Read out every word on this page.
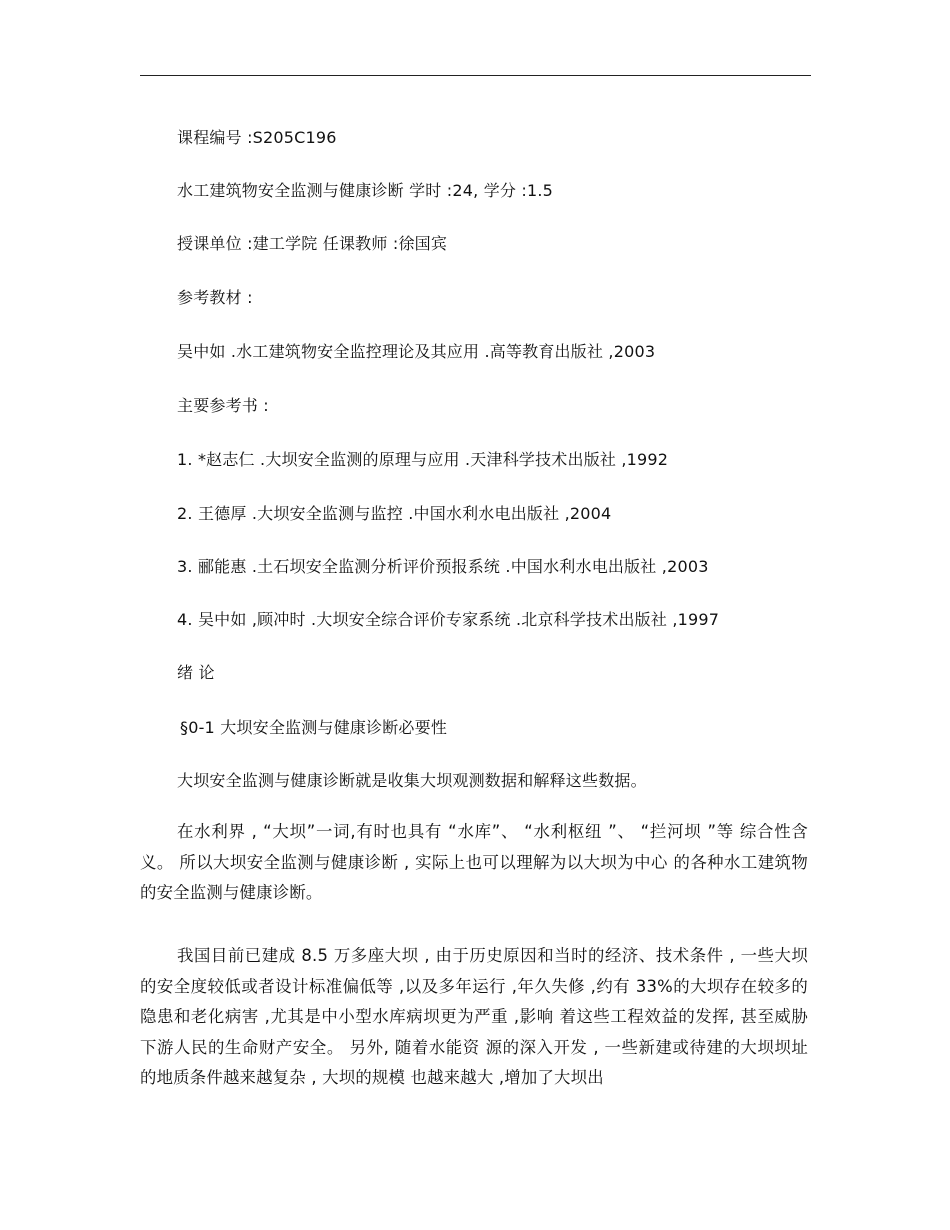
课程编号 :S205C196
水工建筑物安全监测与健康诊断 学时 :24, 学分 :1.5
授课单位 :建工学院 任课教师 :徐国宾
参考教材 :
吴中如 .水工建筑物安全监控理论及其应用 .高等教育出版社 ,2003
主要参考书 :
1. *赵志仁 .大坝安全监测的原理与应用 .天津科学技术出版社 ,1992
2. 王德厚 .大坝安全监测与监控 .中国水利水电出版社 ,2004
3. 郦能惠 .土石坝安全监测分析评价预报系统 .中国水利水电出版社 ,2003
4. 吴中如 ,顾冲时 .大坝安全综合评价专家系统 .北京科学技术出版社 ,1997
绪 论
§0-1 大坝安全监测与健康诊断必要性
大坝安全监测与健康诊断就是收集大坝观测数据和解释这些数据。
在水利界 , “大坝”一词,有时也具有 “水库”、 “水利枢纽 ”、 “拦河坝 ”等 综合性含义。 所以大坝安全监测与健康诊断 , 实际上也可以理解为以大坝为中心 的各种水工建筑物的安全监测与健康诊断。
我国目前已建成 8.5 万多座大坝 , 由于历史原因和当时的经济、技术条件 , 一些大坝的安全度较低或者设计标准偏低等 ,以及多年运行 ,年久失修 ,约有 33%的大坝存在较多的隐患和老化病害 ,尤其是中小型水库病坝更为严重 ,影响 着这些工程效益的发挥, 甚至威胁下游人民的生命财产安全。 另外, 随着水能资 源的深入开发 , 一些新建或待建的大坝坝址的地质条件越来越复杂 , 大坝的规模 也越来越大 ,增加了大坝出
